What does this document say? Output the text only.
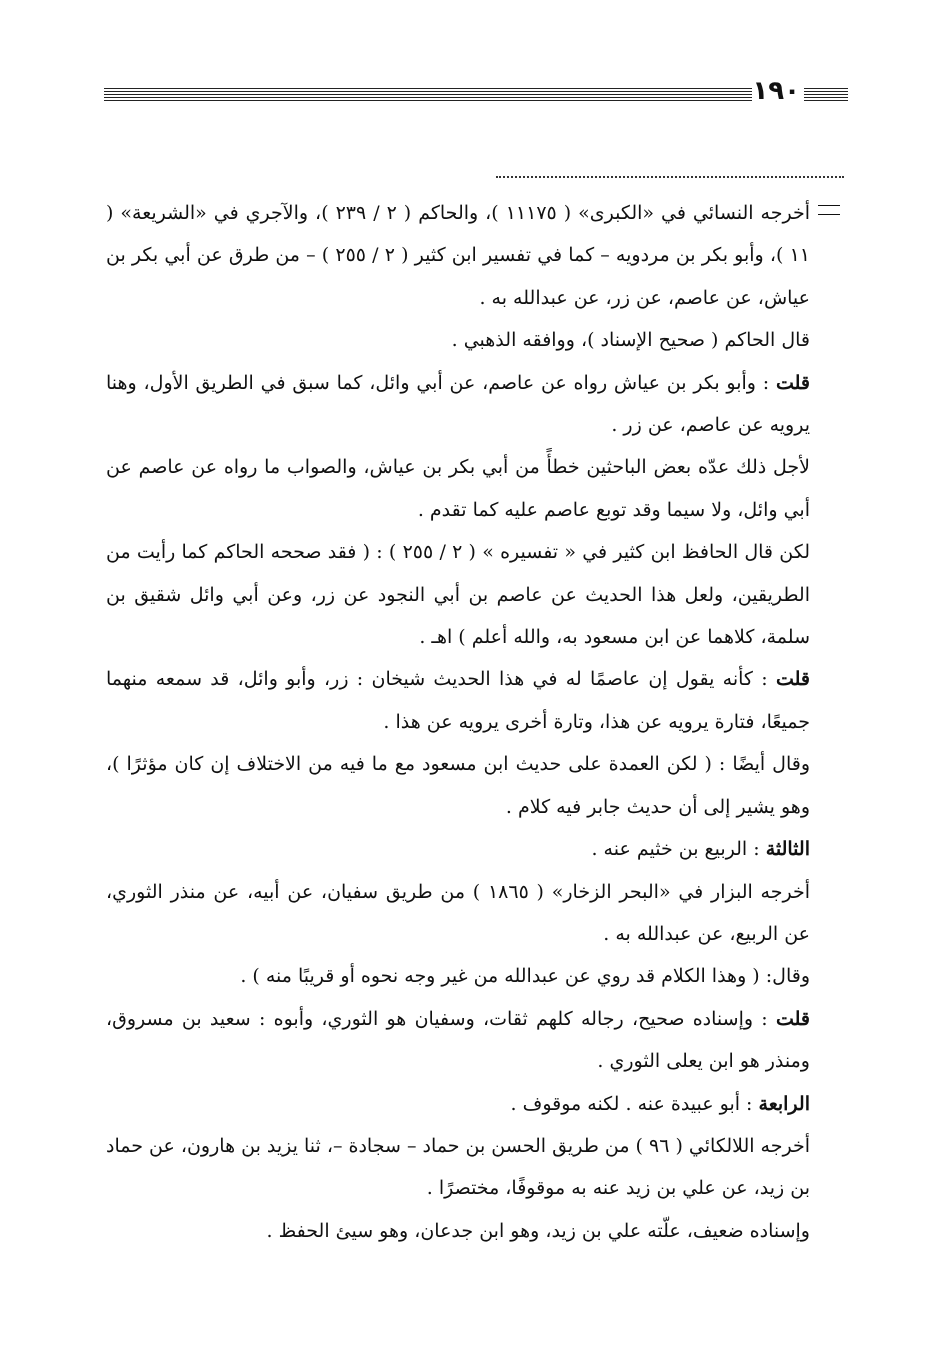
١٩٠

أخرجه النسائي في «الكبرى» ( ١١١٧٥ )، والحاكم ( ٢ / ٢٣٩ )، والآجري في «الشريعة» ( ١١ )، وأبو بكر بن مردويه – كما في تفسير ابن كثير ( ٢ / ٢٥٥ ) – من طرق عن أبي بكر بن عياش، عن عاصم، عن زر، عن عبدالله به .

قال الحاكم ( صحيح الإسناد )، ووافقه الذهبي .

قلت : وأبو بكر بن عياش رواه عن عاصم، عن أبي وائل، كما سبق في الطريق الأول، وهنا يرويه عن عاصم، عن زر .

لأجل ذلك عدّه بعض الباحثين خطأً من أبي بكر بن عياش، والصواب ما رواه عن عاصم عن أبي وائل، ولا سيما وقد توبع عاصم عليه كما تقدم .

لكن قال الحافظ ابن كثير في « تفسيره » ( ٢ / ٢٥٥ ) : ( فقد صححه الحاكم كما رأيت من الطريقين، ولعل هذا الحديث عن عاصم بن أبي النجود عن زر، وعن أبي وائل شقيق بن سلمة، كلاهما عن ابن مسعود به، والله أعلم ) اهـ .

قلت : كأنه يقول إن عاصمًا له في هذا الحديث شيخان : زر، وأبو وائل، قد سمعه منهما جميعًا، فتارة يرويه عن هذا، وتارة أخرى يرويه عن هذا .

وقال أيضًا : ( لكن العمدة على حديث ابن مسعود مع ما فيه من الاختلاف إن كان مؤثرًا )، وهو يشير إلى أن حديث جابر فيه كلام .

الثالثة : الربيع بن خثيم عنه .

أخرجه البزار في «البحر الزخار» ( ١٨٦٥ ) من طريق سفيان، عن أبيه، عن منذر الثوري، عن الربيع، عن عبدالله به .

وقال: ( وهذا الكلام قد روي عن عبدالله من غير وجه نحوه أو قريبًا منه ) .

قلت : وإسناده صحيح، رجاله كلهم ثقات، وسفيان هو الثوري، وأبوه : سعيد بن مسروق، ومنذر هو ابن يعلى الثوري .

الرابعة : أبو عبيدة عنه . لكنه موقوف .

أخرجه اللالكائي ( ٩٦ ) من طريق الحسن بن حماد – سجادة –، ثنا يزيد بن هارون، عن حماد بن زيد، عن علي بن زيد عنه به موقوفًا، مختصرًا .

وإسناده ضعيف، علّته علي بن زيد، وهو ابن جدعان، وهو سيئ الحفظ .
